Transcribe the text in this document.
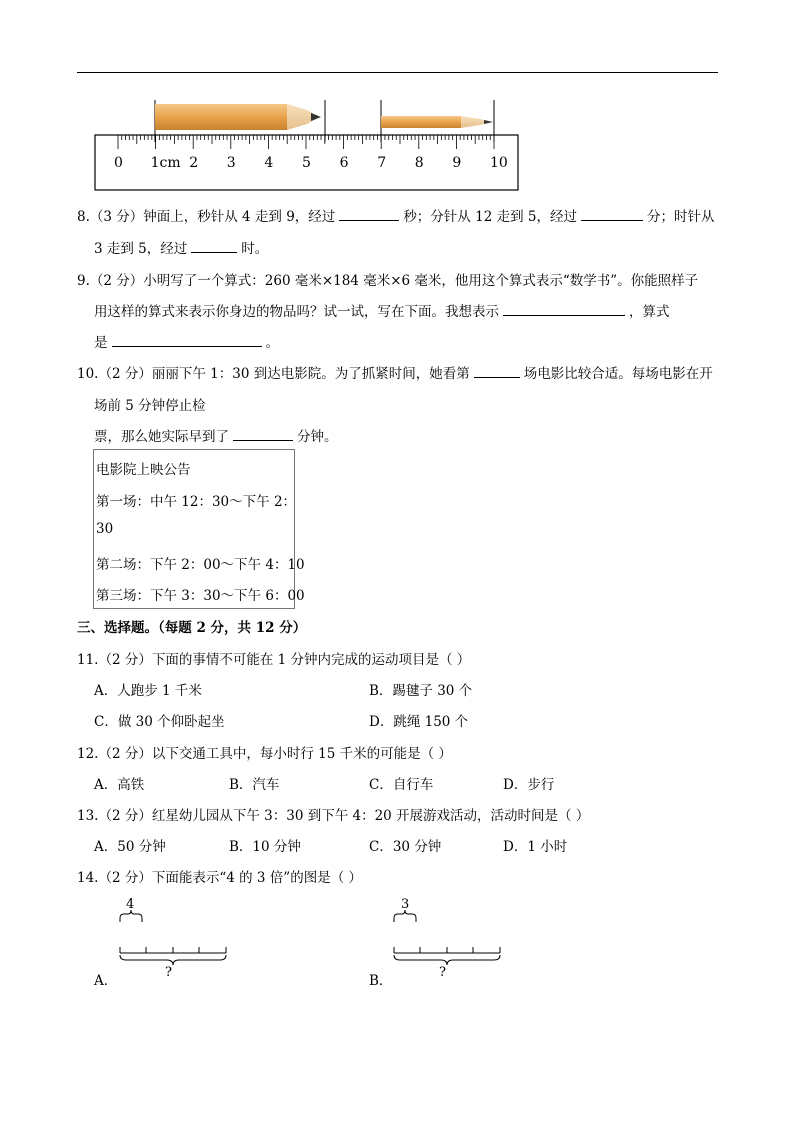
0 1cm 2 3 4 5 6 7 8 9 10
8.（3 分）钟面上，秒针从 4 走到 9，经过	秒；分针从 12 走到 5，经过	分；时针从
3 走到 5，经过	时。
9.（2 分）小明写了一个算式：260 毫米×184 毫米×6 毫米，他用这个算式表示“数学书”。你能照样子
用这样的算式来表示你身边的物品吗？试一试，写在下面。我想表示	，算式
是	。
10.（2 分）丽丽下午 1：30 到达电影院。为了抓紧时间，她看第	场电影比较合适。每场电影在开
场前 5 分钟停止检
票，那么她实际早到了	分钟。
电影院上映公告
第一场：中午 12：30～下午 2：
30
第二场：下午 2：00～下午 4：10
第三场：下午 3：30～下午 6：00
三、选择题。（每题 2 分，共 12 分）
11.（2 分）下面的事情不可能在 1 分钟内完成的运动项目是（ ）
A．人跑步 1 千米	B．踢毽子 30 个
C．做 30 个仰卧起坐	D．跳绳 150 个
12.（2 分）以下交通工具中，每小时行 15 千米的可能是（ ）
A．高铁	B．汽车	C．自行车	D．步行
13.（2 分）红星幼儿园从下午 3：30 到下午 4：20 开展游戏活动，活动时间是（ ）
A．50 分钟	B．10 分钟	C．30 分钟	D．1 小时
14.（2 分）下面能表示“4 的 3 倍”的图是（ ）
4
?
A．
3
?
B．
